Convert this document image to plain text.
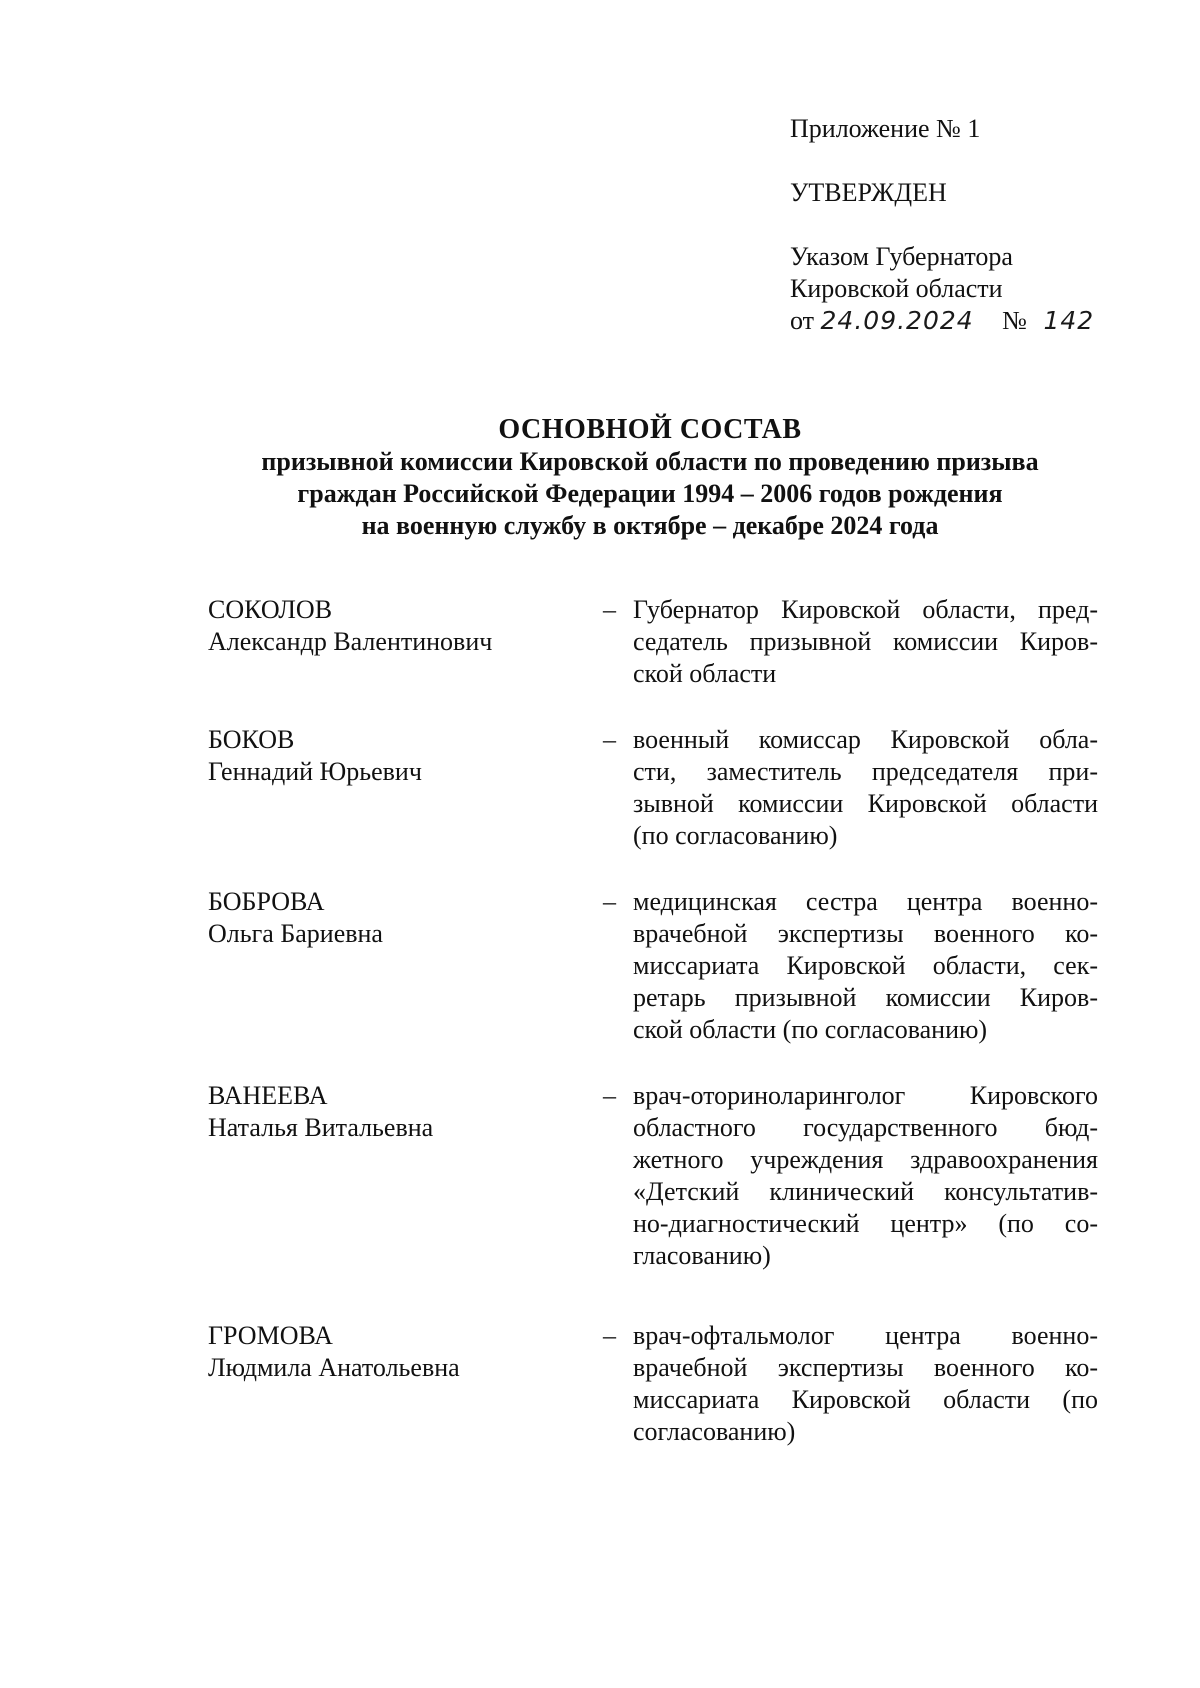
Приложение № 1
УТВЕРЖДЕН
Указом Губернатора
Кировской области
от 24.09.2024 № 142
ОСНОВНОЙ СОСТАВ
призывной комиссии Кировской области по проведению призыва
граждан Российской Федерации 1994 – 2006 годов рождения
на военную службу в октябре – декабре 2024 года
СОКОЛОВ
Александр Валентинович
– Губернатор Кировской области, пред-
седатель призывной комиссии Киров-
ской области
БОКОВ
Геннадий Юрьевич
– военный комиссар Кировской обла-
сти, заместитель председателя при-
зывной комиссии Кировской области
(по согласованию)
БОБРОВА
Ольга Бариевна
– медицинская сестра центра военно-
врачебной экспертизы военного ко-
миссариата Кировской области, сек-
ретарь призывной комиссии Киров-
ской области (по согласованию)
ВАНЕЕВА
Наталья Витальевна
– врач-оториноларинголог Кировского
областного государственного бюд-
жетного учреждения здравоохранения
«Детский клинический консультатив-
но-диагностический центр» (по со-
гласованию)
ГРОМОВА
Людмила Анатольевна
– врач-офтальмолог центра военно-
врачебной экспертизы военного ко-
миссариата Кировской области (по
согласованию)
